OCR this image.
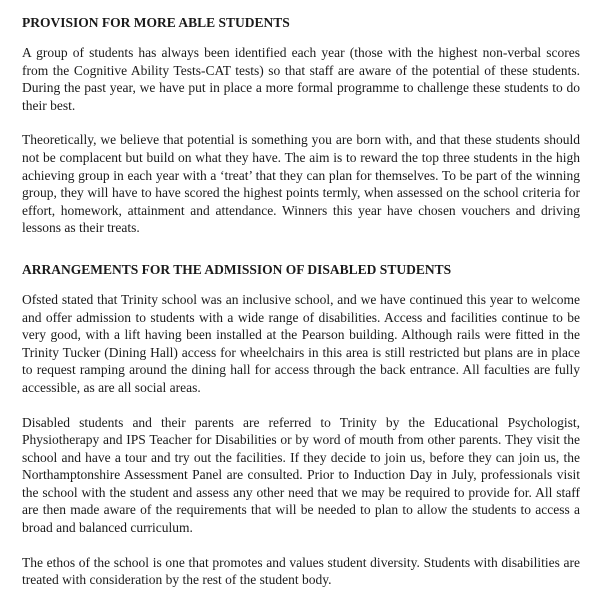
PROVISION FOR MORE ABLE STUDENTS

A group of students has always been identified each year (those with the highest non-verbal scores from the Cognitive Ability Tests-CAT tests) so that staff are aware of the potential of these students. During the past year, we have put in place a more formal programme to challenge these students to do their best.

Theoretically, we believe that potential is something you are born with, and that these students should not be complacent but build on what they have. The aim is to reward the top three students in the high achieving group in each year with a ‘treat’ that they can plan for themselves. To be part of the winning group, they will have to have scored the highest points termly, when assessed on the school criteria for effort, homework, attainment and attendance. Winners this year have chosen vouchers and driving lessons as their treats.

ARRANGEMENTS FOR THE ADMISSION OF DISABLED STUDENTS

Ofsted stated that Trinity school was an inclusive school, and we have continued this year to welcome and offer admission to students with a wide range of disabilities. Access and facilities continue to be very good, with a lift having been installed at the Pearson building. Although rails were fitted in the Trinity Tucker (Dining Hall) access for wheelchairs in this area is still restricted but plans are in place to request ramping around the dining hall for access through the back entrance. All faculties are fully accessible, as are all social areas.

Disabled students and their parents are referred to Trinity by the Educational Psychologist, Physiotherapy and IPS Teacher for Disabilities or by word of mouth from other parents. They visit the school and have a tour and try out the facilities. If they decide to join us, before they can join us, the Northamptonshire Assessment Panel are consulted. Prior to Induction Day in July, professionals visit the school with the student and assess any other need that we may be required to provide for. All staff are then made aware of the requirements that will be needed to plan to allow the students to access a broad and balanced curriculum.

The ethos of the school is one that promotes and values student diversity. Students with disabilities are treated with consideration by the rest of the student body.
